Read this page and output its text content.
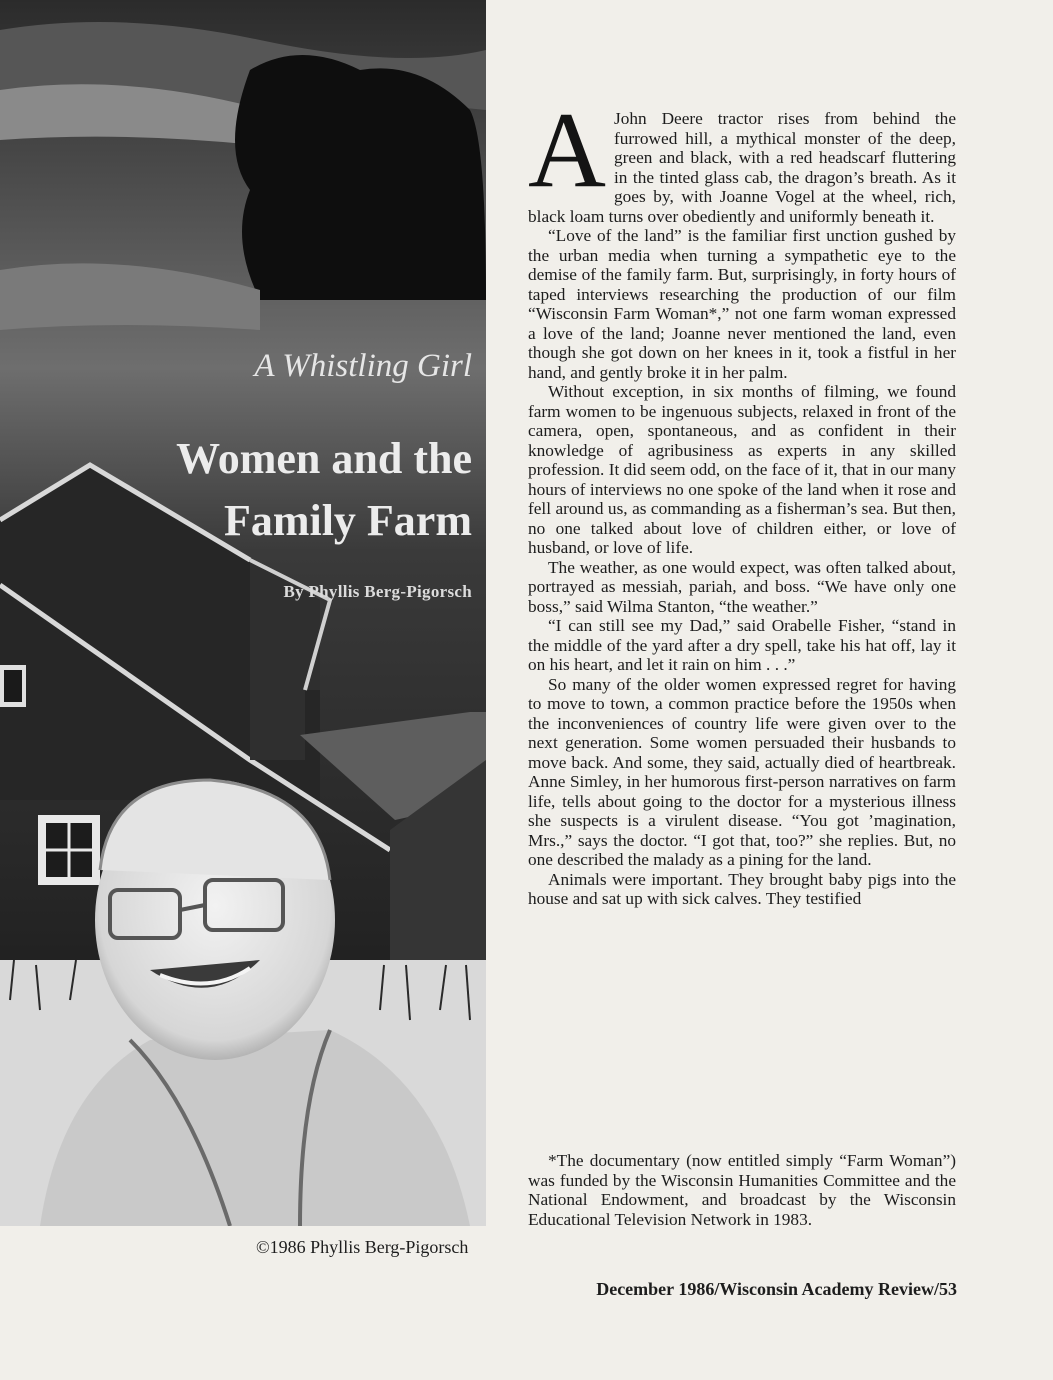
A Whistling Girl
Women and the
Family Farm
By Phyllis Berg-Pigorsch
©1986 Phyllis Berg-Pigorsch

A John Deere tractor rises from behind the furrowed hill, a mythical monster of the deep, green and black, with a red headscarf fluttering in the tinted glass cab, the dragon’s breath. As it goes by, with Joanne Vogel at the wheel, rich, black loam turns over obediently and uniformly beneath it.

“Love of the land” is the familiar first unction gushed by the urban media when turning a sympathetic eye to the demise of the family farm. But, surprisingly, in forty hours of taped interviews researching the production of our film “Wisconsin Farm Woman*,” not one farm woman expressed a love of the land; Joanne never mentioned the land, even though she got down on her knees in it, took a fistful in her hand, and gently broke it in her palm.

Without exception, in six months of filming, we found farm women to be ingenuous subjects, relaxed in front of the camera, open, spontaneous, and as confident in their knowledge of agribusiness as experts in any skilled profession. It did seem odd, on the face of it, that in our many hours of interviews no one spoke of the land when it rose and fell around us, as commanding as a fisherman’s sea. But then, no one talked about love of children either, or love of husband, or love of life.

The weather, as one would expect, was often talked about, portrayed as messiah, pariah, and boss. “We have only one boss,” said Wilma Stanton, “the weather.”

“I can still see my Dad,” said Orabelle Fisher, “stand in the middle of the yard after a dry spell, take his hat off, lay it on his heart, and let it rain on him . . .”

So many of the older women expressed regret for having to move to town, a common practice before the 1950s when the inconveniences of country life were given over to the next generation. Some women persuaded their husbands to move back. And some, they said, actually died of heartbreak. Anne Simley, in her humorous first-person narratives on farm life, tells about going to the doctor for a mysterious illness she suspects is a virulent disease. “You got ’magination, Mrs.,” says the doctor. “I got that, too?” she replies. But, no one described the malady as a pining for the land.

Animals were important. They brought baby pigs into the house and sat up with sick calves. They testified

*The documentary (now entitled simply “Farm Woman”) was funded by the Wisconsin Humanities Committee and the National Endowment, and broadcast by the Wisconsin Educational Television Network in 1983.
December 1986/Wisconsin Academy Review/53
